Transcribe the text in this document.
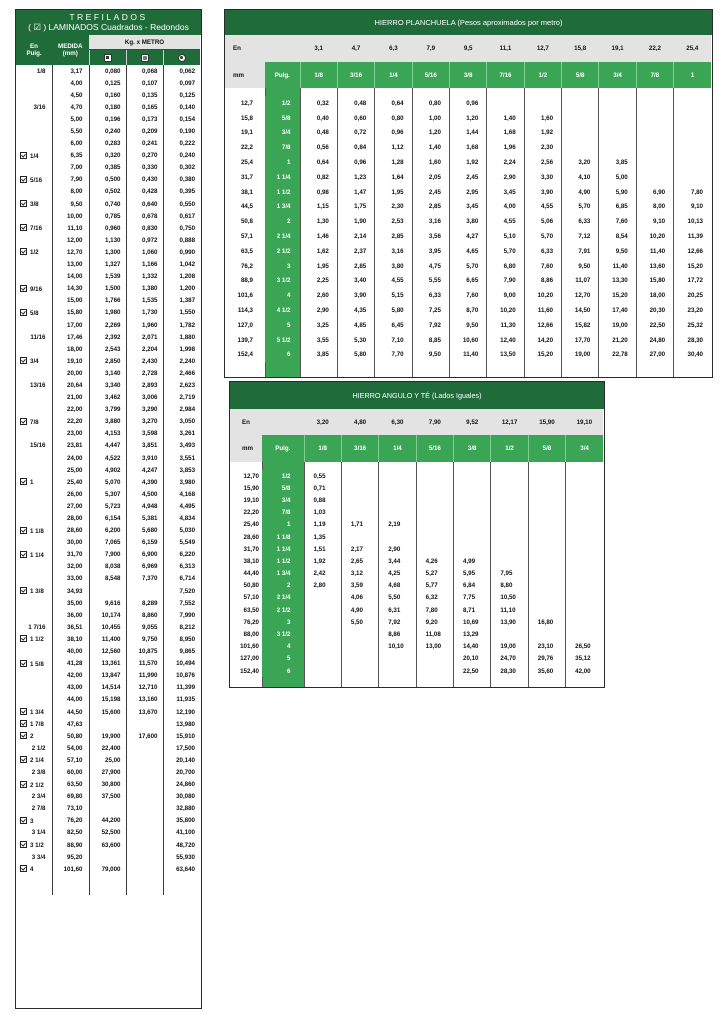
TREFILADOS
( ☑ ) LAMINADOS Cuadrados - Redondos
En
Pulg.	MEDIDA
(mm)	Kg. x METRO		

1/8	3,17	0,080	0,068	0,062
	4,00	0,125	0,107	0,097
	4,50	0,160	0,135	0,125
3/16	4,70	0,180	0,165	0,140
	5,00	0,196	0,173	0,154
	5,50	0,240	0,209	0,190
	6,00	0,283	0,241	0,222
1/4	6,35	0,320	0,270	0,240
	7,00	0,385	0,330	0,302
5/16	7,90	0,500	0,430	0,380
	8,00	0,502	0,428	0,395
3/8	9,50	0,740	0,640	0,550
	10,00	0,785	0,678	0,617
7/16	11,10	0,960	0,830	0,750
	12,00	1,130	0,972	0,888
1/2	12,70	1,300	1,060	0,990
	13,00	1,327	1,166	1,042
	14,00	1,539	1,332	1,208
9/16	14,30	1,500	1,380	1,200
	15,00	1,766	1,535	1,387
5/8	15,80	1,980	1,730	1,550
	17,00	2,269	1,960	1,782
11/16	17,46	2,392	2,071	1,880
	18,00	2,543	2,204	1,998
3/4	19,10	2,850	2,430	2,240
	20,00	3,140	2,728	2,466
13/16	20,64	3,340	2,893	2,623
	21,00	3,462	3,006	2,719
	22,00	3,799	3,290	2,984
7/8	22,20	3,880	3,270	3,050
	23,00	4,153	3,598	3,261
15/16	23,81	4,447	3,851	3,493
	24,00	4,522	3,910	3,551
	25,00	4,902	4,247	3,853
1	25,40	5,070	4,390	3,980
	26,00	5,307	4,500	4,168
	27,00	5,723	4,948	4,495
	28,00	6,154	5,381	4,834
1 1/8	28,60	6,200	5,680	5,030
	30,00	7,065	6,159	5,549
1 1/4	31,70	7,900	6,900	6,220
	32,00	8,038	6,969	6,313
	33,00	8,548	7,370	6,714
1 3/8	34,93			7,520
	35,00	9,616	8,289	7,552
	36,00	10,174	8,860	7,990
1 7/16	36,51	10,455	9,055	8,212
1 1/2	38,10	11,400	9,750	8,950
	40,00	12,560	10,875	9,865
1 5/8	41,28	13,361	11,570	10,494
	42,00	13,847	11,990	10,876
	43,00	14,514	12,710	11,399
	44,00	15,198	13,160	11,935
1 3/4	44,50	15,600	13,670	12,190
1 7/8	47,63			13,980
2	50,80	19,900	17,600	15,910
2 1/2	54,00	22,400		17,500
2 1/4	57,10	25,00		20,140
2 3/8	60,00	27,900		20,700
2 1/2	63,50	30,800		24,860
2 3/4	69,80	37,500		30,080
2 7/8	73,10			32,880
3	76,20	44,200		35,800
3 1/4	82,50	52,500		41,100
3 1/2	88,90	63,600		48,720
3 3/4	95,20			55,930
4	101,60	79,000		63,640

HIERRO PLANCHUELA (Pesos aproximados por metro)
En		3,1	4,7	6,3	7,9	9,5	11,1	12,7	15,8	19,1	22,2	25,4
mm	Pulg.	1/8	3/16	1/4	5/16	3/8	7/16	1/2	5/8	3/4	7/8	1

12,7	1/2	0,32	0,48	0,64	0,80	0,96						
15,8	5/8	0,40	0,60	0,80	1,00	1,20	1,40	1,60				
19,1	3/4	0,48	0,72	0,96	1,20	1,44	1,68	1,92				
22,2	7/8	0,56	0,84	1,12	1,40	1,68	1,96	2,30				
25,4	1	0,64	0,96	1,28	1,60	1,92	2,24	2,56	3,20	3,85		
31,7	1 1/4	0,82	1,23	1,64	2,05	2,45	2,90	3,30	4,10	5,00		
38,1	1 1/2	0,98	1,47	1,95	2,45	2,95	3,45	3,90	4,90	5,90	6,90	7,80
44,5	1 3/4	1,15	1,75	2,30	2,85	3,45	4,00	4,55	5,70	6,85	8,00	9,10
50,8	2	1,30	1,90	2,53	3,16	3,80	4,55	5,06	6,33	7,60	9,10	10,13
57,1	2 1/4	1,46	2,14	2,85	3,56	4,27	5,10	5,70	7,12	8,54	10,20	11,39
63,5	2 1/2	1,62	2,37	3,16	3,95	4,65	5,70	6,33	7,91	9,50	11,40	12,66
76,2	3	1,95	2,85	3,80	4,75	5,70	6,80	7,60	9,50	11,40	13,60	15,20
88,9	3 1/2	2,25	3,40	4,55	5,55	6,65	7,90	8,86	11,07	13,30	15,80	17,72
101,6	4	2,60	3,90	5,15	6,33	7,60	9,00	10,20	12,70	15,20	18,00	20,25
114,3	4 1/2	2,90	4,35	5,80	7,25	8,70	10,20	11,60	14,50	17,40	20,30	23,20
127,0	5	3,25	4,85	6,45	7,92	9,50	11,30	12,66	15,82	19,00	22,50	25,32
139,7	5 1/2	3,55	5,30	7,10	8,85	10,60	12,40	14,20	17,70	21,20	24,80	28,30
152,4	6	3,85	5,80	7,70	9,50	11,40	13,50	15,20	19,00	22,78	27,00	30,40

HIERRO ANGULO Y TÉ (Lados Iguales)
En		3,20	4,80	6,30	7,90	9,52	12,17	15,90	19,10
mm	Pulg.	1/8	3/16	1/4	5/16	3/8	1/2	5/8	3/4

12,70	1/2	0,55							
15,90	5/8	0,71							
19,10	3/4	0,88							
22,20	7/8	1,03							
25,40	1	1,19	1,71	2,19					
28,60	1 1/8	1,35							
31,70	1 1/4	1,51	2,17	2,90					
38,10	1 1/2	1,92	2,65	3,44	4,26	4,99			
44,40	1 3/4	2,42	3,12	4,25	5,27	5,95	7,95		
50,80	2	2,80	3,59	4,68	5,77	6,84	8,80		
57,10	2 1/4		4,06	5,50	6,32	7,75	10,50		
63,50	2 1/2		4,90	6,31	7,80	8,71	11,10		
76,20	3		5,50	7,92	9,20	10,69	13,90	16,80	
88,00	3 1/2			8,86	11,08	13,29			
101,60	4			10,10	13,00	14,40	19,00	23,10	26,50
127,00	5					20,10	24,70	29,76	35,12
152,40	6					22,50	28,30	35,60	42,00
